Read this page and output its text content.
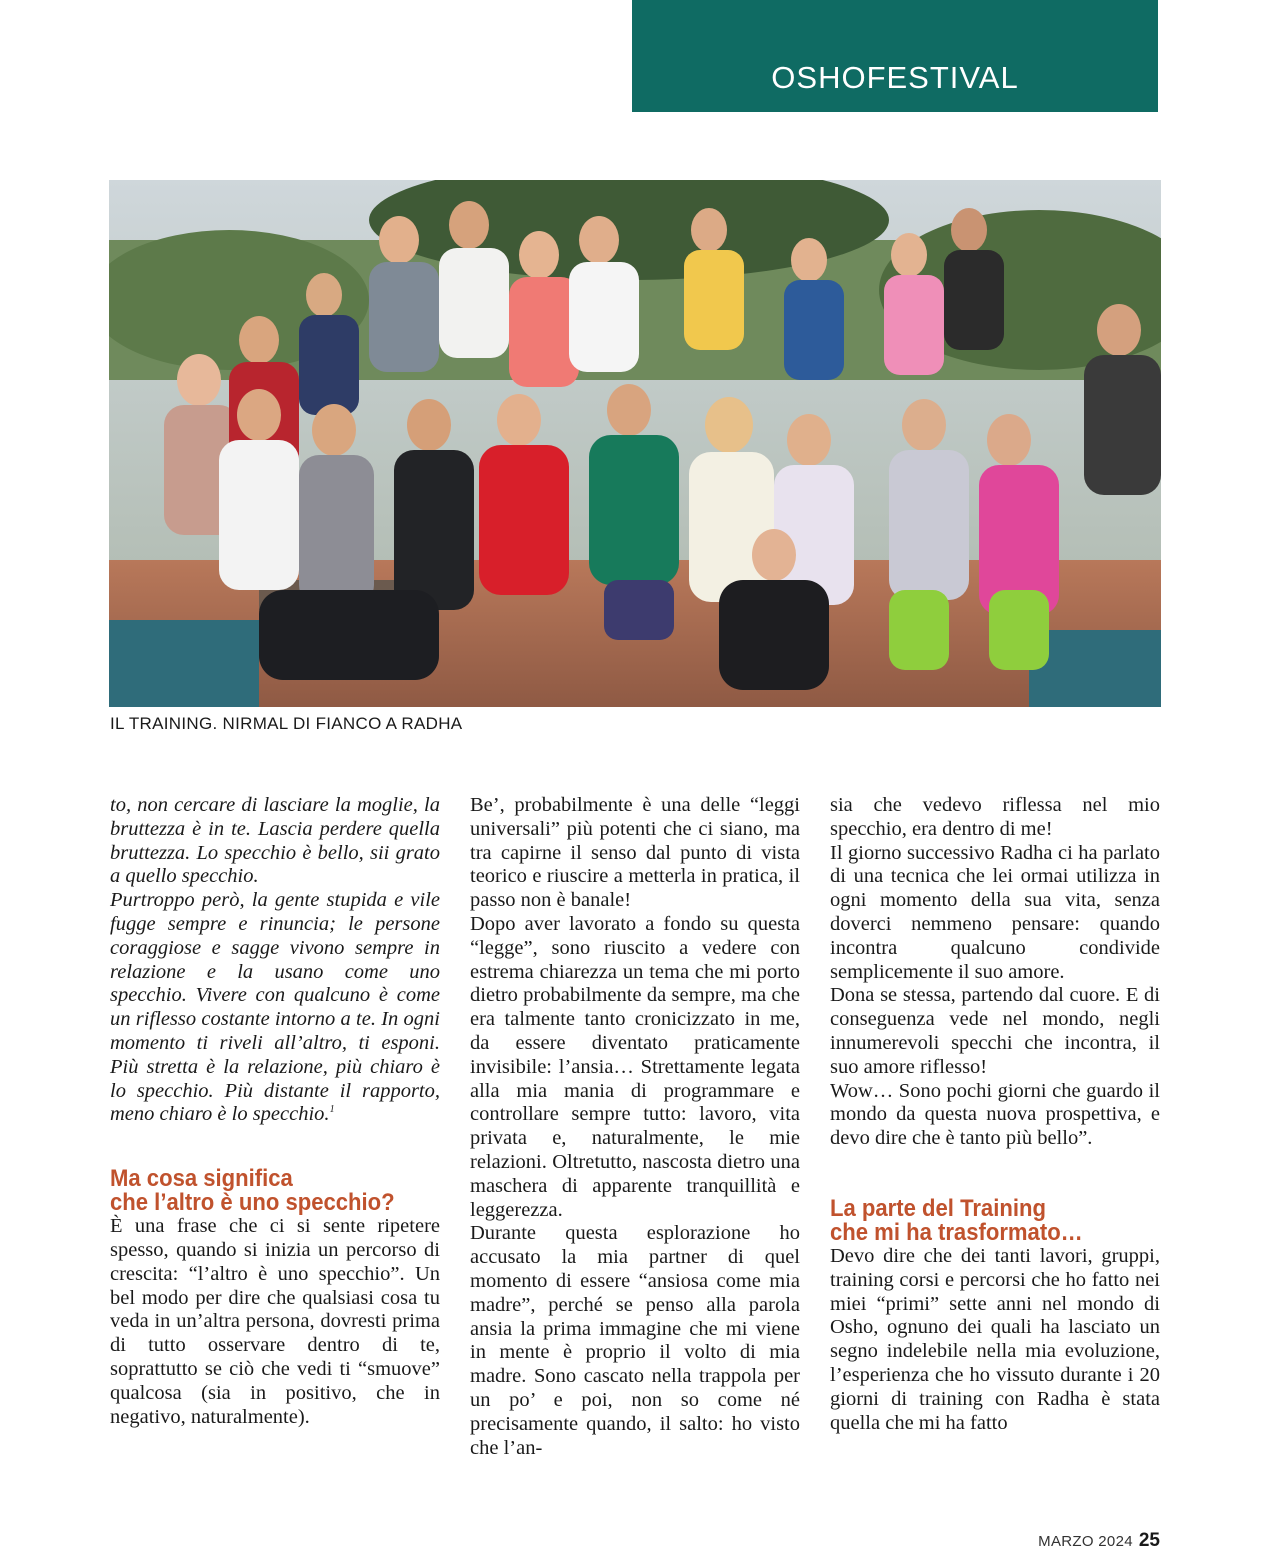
OSHOFESTIVAL
IL TRAINING. NIRMAL DI FIANCO A RADHA

to, non cercare di lasciare la moglie, la bruttezza è in te. Lascia perdere quella bruttezza. Lo specchio è bello, sii grato a quello specchio.

Purtroppo però, la gente stupida e vile fugge sempre e rinuncia; le persone coraggiose e sagge vivono sempre in relazione e la usano come uno specchio. Vivere con qualcuno è come un riflesso costante intorno a te. In ogni momento ti riveli all’altro, ti esponi. Più stretta è la relazione, più chiaro è lo specchio. Più distante il rapporto, meno chiaro è lo specchio.$^1$

Ma cosa significa
che l’altro è uno specchio?

È una frase che ci si sente ripetere spesso, quando si inizia un percorso di crescita: “l’altro è uno specchio”. Un bel modo per dire che qualsiasi cosa tu veda in un’altra persona, dovresti prima di tutto osservare dentro di te, soprattutto se ciò che vedi ti “smuove” qualcosa (sia in positivo, che in negativo, naturalmente).

Be’, probabilmente è una delle “leggi universali” più potenti che ci siano, ma tra capirne il senso dal punto di vista teorico e riuscire a metterla in pratica, il passo non è banale!

Dopo aver lavorato a fondo su questa “legge”, sono riuscito a vedere con estrema chiarezza un tema che mi porto dietro probabilmente da sempre, ma che era talmente tanto cronicizzato in me, da essere diventato praticamente invisibile: l’ansia… Strettamente legata alla mia mania di programmare e controllare sempre tutto: lavoro, vita privata e, naturalmente, le mie relazioni. Oltretutto, nascosta dietro una maschera di apparente tranquillità e leggerezza.

Durante questa esplorazione ho accusato la mia partner di quel momento di essere “ansiosa come mia madre”, perché se penso alla parola ansia la prima immagine che mi viene in mente è proprio il volto di mia madre. Sono cascato nella trappola per un po’ e poi, non so come né precisamente quando, il salto: ho visto che l’an-

sia che vedevo riflessa nel mio specchio, era dentro di me!

Il giorno successivo Radha ci ha parlato di una tecnica che lei ormai utilizza in ogni momento della sua vita, senza doverci nemmeno pensare: quando incontra qualcuno condivide semplicemente il suo amore.

Dona se stessa, partendo dal cuore. E di conseguenza vede nel mondo, negli innumerevoli specchi che incontra, il suo amore riflesso!

Wow… Sono pochi giorni che guardo il mondo da questa nuova prospettiva, e devo dire che è tanto più bello”.

La parte del Training
che mi ha trasformato…

Devo dire che dei tanti lavori, gruppi, training corsi e percorsi che ho fatto nei miei “primi” sette anni nel mondo di Osho, ognuno dei quali ha lasciato un segno indelebile nella mia evoluzione, l’esperienza che ho vissuto durante i 20 giorni di training con Radha è stata quella che mi ha fatto

MARZO 2024 25
